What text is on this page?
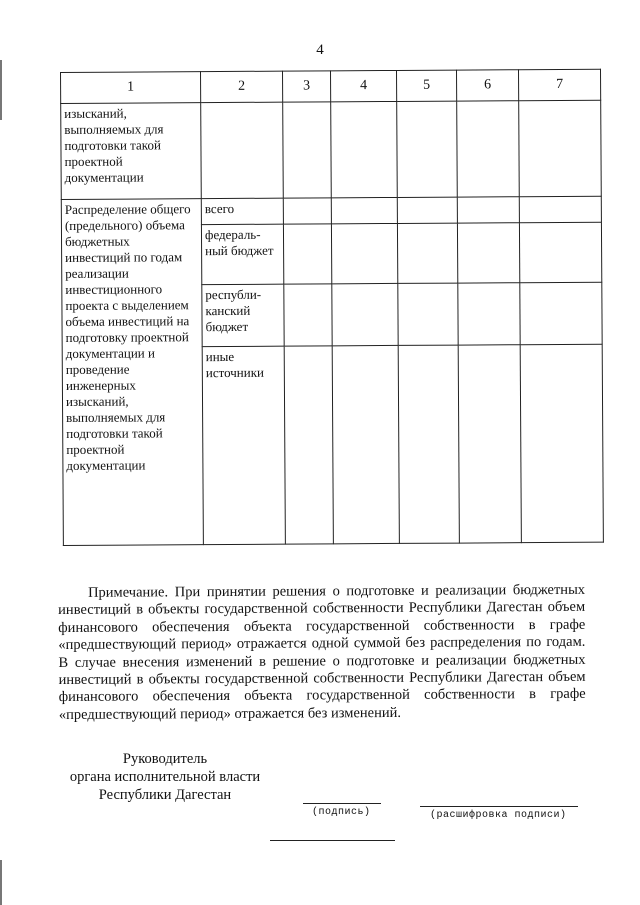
4
1	2	3	4	5	6	7
изысканий, выполняемых для подготовки такой проектной документации						
Распределение общего (предельного) объема бюджетных инвестиций по годам реализации инвестиционного проекта с выделением объема инвестиций на подготовку проектной документации и проведение инженерных изысканий, выполняемых для подготовки такой проектной документации	всего					
	федераль-ный бюджет					
	республи-канский бюджет					
	иные источники					

Примечание. При принятии решения о подготовке и реализации бюджетных инвестиций в объекты государственной собственности Республики Дагестан объем финансового обеспечения объекта государственной собственности в графе «предшествующий период» отражается одной суммой без распределения по годам. В случае внесения изменений в решение о подготовке и реализации бюджетных инвестиций в объекты государственной собственности Республики Дагестан объем финансового обеспечения объекта государственной собственности в графе «предшествующий период» отражается без изменений.

Руководитель
органа исполнительной власти
Республики Дагестан
(подпись)	(расшифровка подписи)
